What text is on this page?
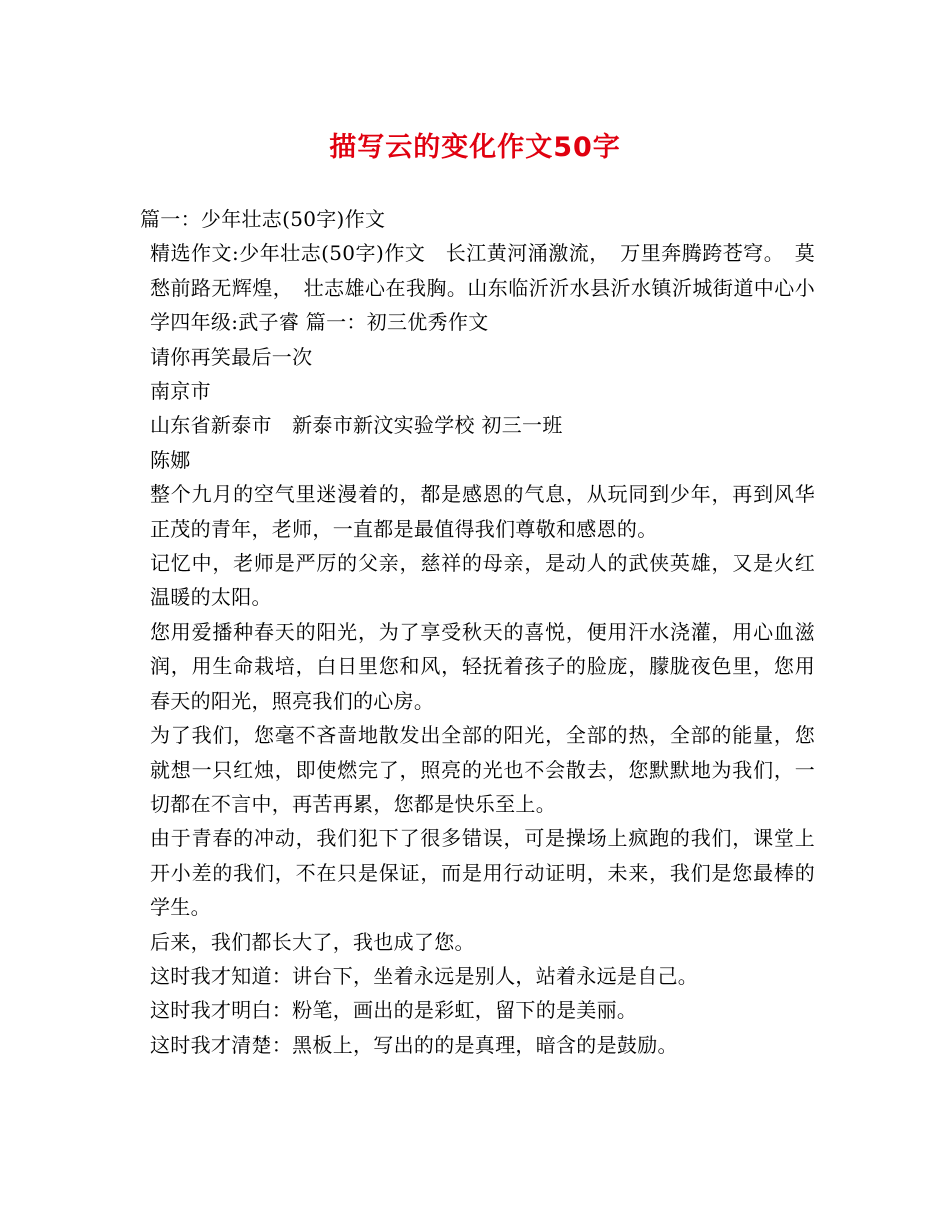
描写云的变化作文50字

篇一：少年壮志(50字)作文

精选作文:少年壮志(50字)作文　长江黄河涌激流，　万里奔腾跨苍穹。　莫愁前路无辉煌，　壮志雄心在我胸。山东临沂沂水县沂水镇沂城街道中心小学四年级:武子睿 篇一：初三优秀作文

请你再笑最后一次

南京市

山东省新泰市　新泰市新汶实验学校 初三一班

陈娜

整个九月的空气里迷漫着的，都是感恩的气息，从玩同到少年，再到风华正茂的青年，老师，一直都是最值得我们尊敬和感恩的。

记忆中，老师是严厉的父亲，慈祥的母亲，是动人的武侠英雄，又是火红温暖的太阳。

您用爱播种春天的阳光，为了享受秋天的喜悦，便用汗水浇灌，用心血滋润，用生命栽培，白日里您和风，轻抚着孩子的脸庞，朦胧夜色里，您用春天的阳光，照亮我们的心房。

为了我们，您毫不吝啬地散发出全部的阳光，全部的热，全部的能量，您就想一只红烛，即使燃完了，照亮的光也不会散去，您默默地为我们，一切都在不言中，再苦再累，您都是快乐至上。

由于青春的冲动，我们犯下了很多错误，可是操场上疯跑的我们，课堂上开小差的我们，不在只是保证，而是用行动证明，未来，我们是您最棒的学生。

后来，我们都长大了，我也成了您。

这时我才知道：讲台下，坐着永远是别人，站着永远是自己。

这时我才明白：粉笔，画出的是彩虹，留下的是美丽。

这时我才清楚：黑板上，写出的的是真理，暗含的是鼓励。
